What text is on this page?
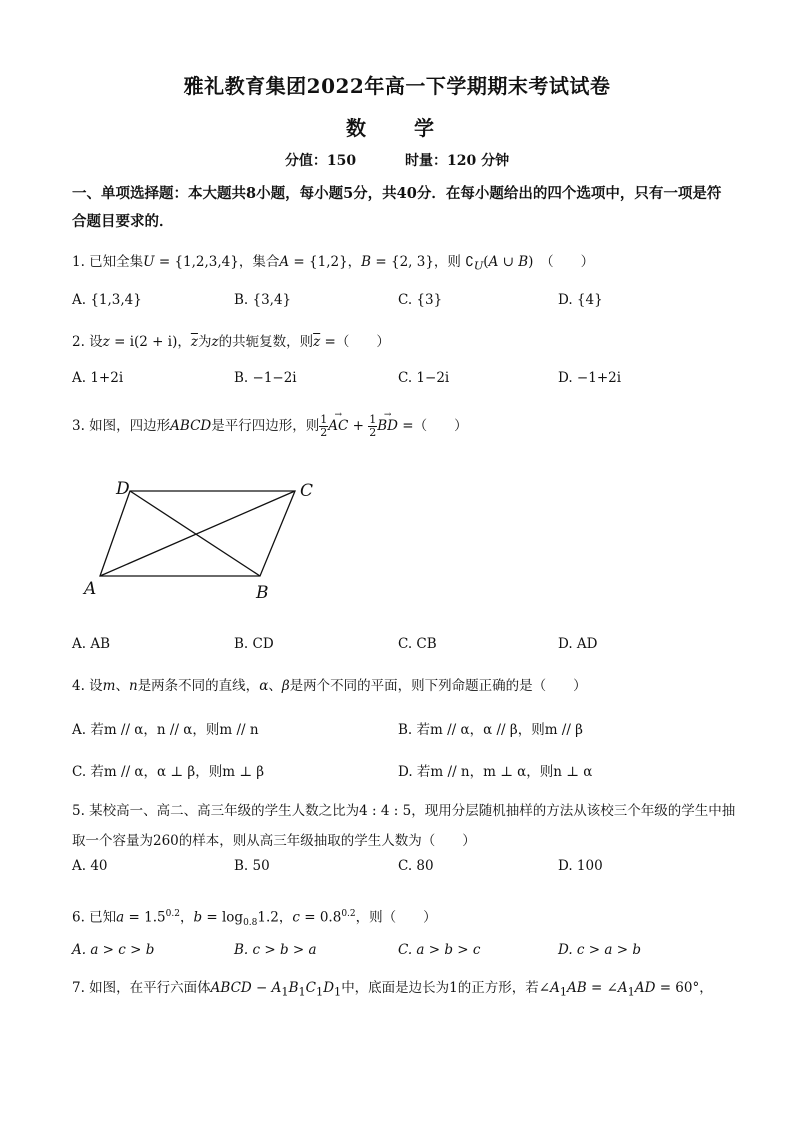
雅礼教育集团2022年高一下学期期末考试试卷
数　学
分值：150	时量：120 分钟
一、单项选择题：本大题共8小题，每小题5分，共40分．在每小题给出的四个选项中，只有一项是符合题目要求的．
1. 已知全集U = {1,2,3,4}，集合A = {1,2}，B = {2, 3}，则 $∁_U(A$ ∪ B)　（　　）
A. {1,3,4}	B. {3,4}	C. {3}	D. {4}
2. 设z = i(2 + i)，$\overline{z}$为z的共轭复数，则$\overline{z}$ =（　　）
A. 1+2i	B. −1−2i	C. 1−2i	D. −1+2i
3. 如图，四边形ABCD是平行四边形，则 $\frac{1}{2}$ → AC + $\frac{1}{2}$ → BD =（　　）
A	B
C
D
A. AB	B. CD	C. CB	D. AD
4. 设m、n是两条不同的直线，α、β是两个不同的平面，则下列命题正确的是（　　）
A. 若m // α，n // α，则m // n	B. 若m // α，α // β，则m // β
C. 若m // α，α ⊥ β，则m ⊥ β	D. 若m // n，m ⊥ α，则n ⊥ α
5. 某校高一、高二、高三年级的学生人数之比为4 : 4 : 5，现用分层随机抽样的方法从该校三个年级的学生中抽取一个容量为260的样本，则从高三年级抽取的学生人数为（　　）
A. 40	B. 50	C. 80	D. 100
6. 已知$a = 1.5^{0.2}$，$b = \log_{0.8}1.2$，$c = 0.8^{0.2}$，则（　　）
A. a > c > b	B. c > b > a	C. a > b > c	D. c > a > b
7. 如图，在平行六面体ABCD − $A_1B_1C_1D_1$中，底面是边长为1的正方形，若$\angle A_1AB$ = $\angle A_1AD = 60^\circ$，
